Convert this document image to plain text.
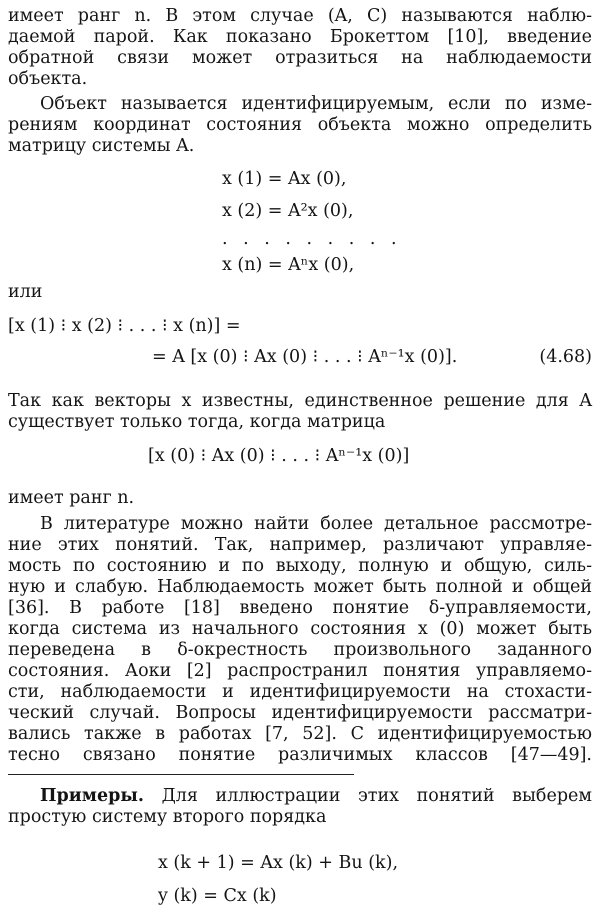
имеет ранг n. В этом случае (A, C) называются наблю-
даемой парой. Как показано Брокеттом [10], введение
обратной связи может отразиться на наблюдаемости
объекта.
Объект называется идентифицируемым, если по изме-
рениям координат состояния объекта можно определить
матрицу системы A.
x (1) = Ax (0),
x (2) = A²x (0),
. . . . . . . . .
x (n) = Aⁿx (0),
или
[x (1) ⁝ x (2) ⁝ . . . ⁝ x (n)] =
= A [x (0) ⁝ Ax (0) ⁝ . . . ⁝ Aⁿ⁻¹x (0)].	(4.68)
Так как векторы x известны, единственное решение для A
существует только тогда, когда матрица
[x (0) ⁝ Ax (0) ⁝ . . . ⁝ Aⁿ⁻¹x (0)]
имеет ранг n.
В литературе можно найти более детальное рассмотре-
ние этих понятий. Так, например, различают управляе-
мость по состоянию и по выходу, полную и общую, силь-
ную и слабую. Наблюдаемость может быть полной и общей
[36]. В работе [18] введено понятие δ-управляемости,
когда система из начального состояния x (0) может быть
переведена в δ-окрестность произвольного заданного
состояния. Аоки [2] распространил понятия управляемо-
сти, наблюдаемости и идентифицируемости на стохасти-
ческий случай. Вопросы идентифицируемости рассматри-
вались также в работах [7, 52]. С идентифицируемостью
тесно связано понятие различимых классов [47—49].
Примеры. Для иллюстрации этих понятий выберем
простую систему второго порядка
x (k + 1) = Ax (k) + Bu (k),
y (k) = Cx (k)
